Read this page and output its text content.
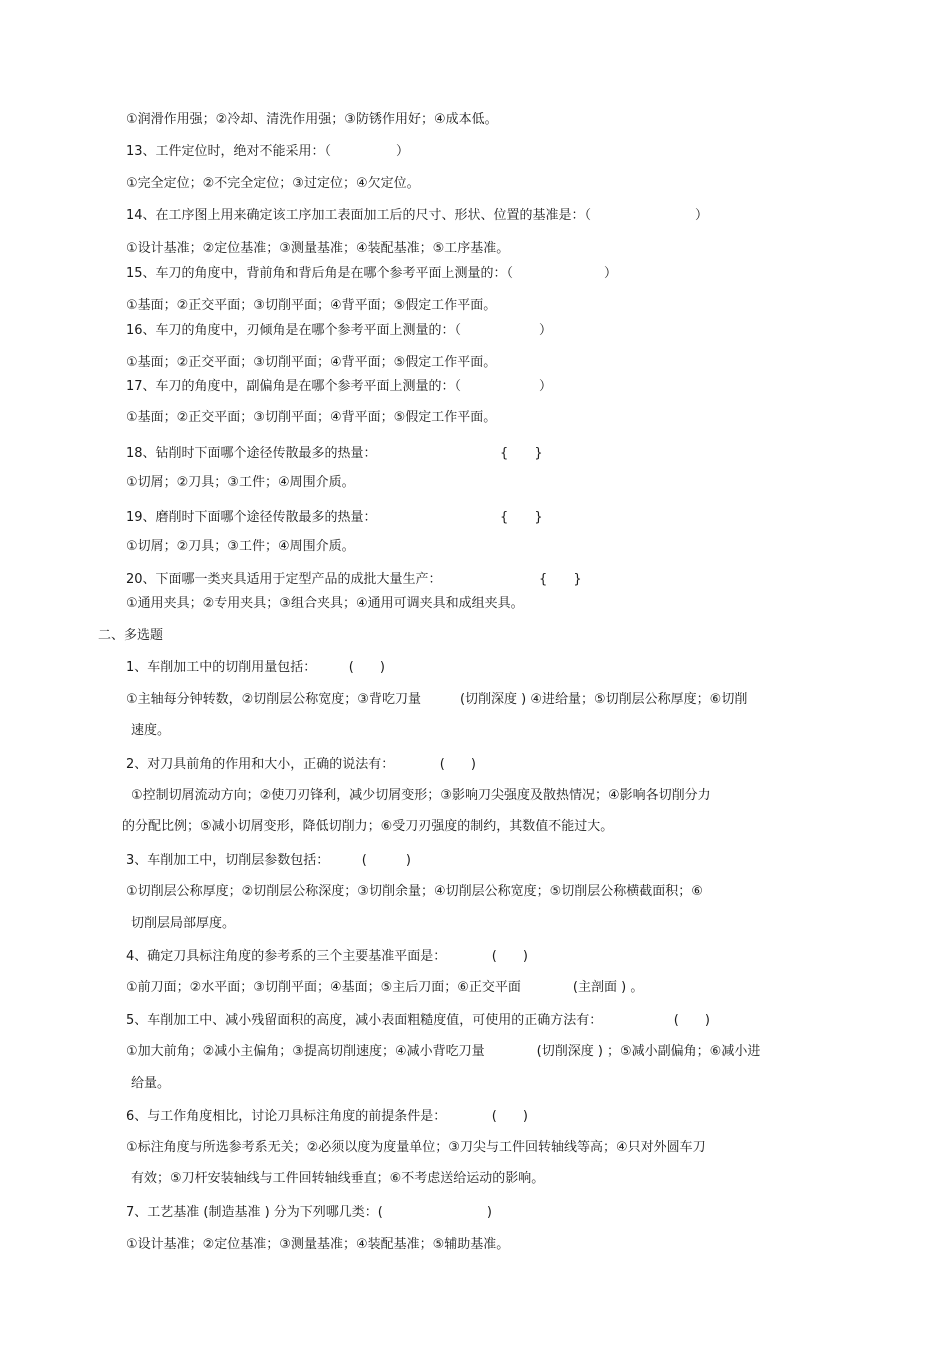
①润滑作用强；②冷却、清洗作用强；③防锈作用好；④成本低。
13、工件定位时，绝对不能采用：（　　　　　）
①完全定位；②不完全定位；③过定位；④欠定位。
14、在工序图上用来确定该工序加工表面加工后的尺寸、形状、位置的基准是：（　　　　　　　　）
①设计基准；②定位基准；③测量基准；④装配基准；⑤工序基准。
15、车刀的角度中，背前角和背后角是在哪个参考平面上测量的：（　　　　　　　）
①基面；②正交平面；③切削平面；④背平面；⑤假定工作平面。
16、车刀的角度中，刃倾角是在哪个参考平面上测量的：（　　　　　　）
①基面；②正交平面；③切削平面；④背平面；⑤假定工作平面。
17、车刀的角度中，副偏角是在哪个参考平面上测量的：（　　　　　　）
①基面；②正交平面；③切削平面；④背平面；⑤假定工作平面。
18、钻削时下面哪个途径传散最多的热量：　　　　　　　　　　{　　}
①切屑；②刀具；③工件；④周围介质。
19、磨削时下面哪个途径传散最多的热量：　　　　　　　　　　{　　}
①切屑；②刀具；③工件；④周围介质。
20、下面哪一类夹具适用于定型产品的成批大量生产：　　　　　　　　{　　}
①通用夹具；②专用夹具；③组合夹具；④通用可调夹具和成组夹具。
二、多选题
1、车削加工中的切削用量包括：　　　(　　)
①主轴每分钟转数，②切削层公称宽度；③背吃刀量　　　(切削深度 ) ④进给量；⑤切削层公称厚度；⑥切削
速度。
2、对刀具前角的作用和大小，正确的说法有：　　　　(　　)
①控制切屑流动方向；②使刀刃锋利，减少切屑变形；③影响刀尖强度及散热情况；④影响各切削分力
的分配比例；⑤减小切屑变形，降低切削力；⑥受刀刃强度的制约，其数值不能过大。
3、车削加工中，切削层参数包括：　　　(　　　)
①切削层公称厚度；②切削层公称深度；③切削余量；④切削层公称宽度；⑤切削层公称横截面积；⑥
切削层局部厚度。
4、确定刀具标注角度的参考系的三个主要基准平面是：　　　　(　　)
①前刀面；②水平面；③切削平面；④基面；⑤主后刀面；⑥正交平面　　　　(主剖面 ) 。
5、车削加工中、减小残留面积的高度，减小表面粗糙度值，可使用的正确方法有：　　　　　　(　　)
①加大前角；②减小主偏角；③提高切削速度；④减小背吃刀量　　　　(切削深度 ) ；⑤减小副偏角；⑥减小进
给量。
6、与工作角度相比，讨论刀具标注角度的前提条件是：　　　　(　　)
①标注角度与所选参考系无关；②必须以度为度量单位；③刀尖与工件回转轴线等高；④只对外圆车刀
有效；⑤刀杆安装轴线与工件回转轴线垂直；⑥不考虑送给运动的影响。
7、工艺基准 (制造基准 ) 分为下列哪几类：(　　　　　　　　)
①设计基准；②定位基准；③测量基准；④装配基准；⑤辅助基准。
